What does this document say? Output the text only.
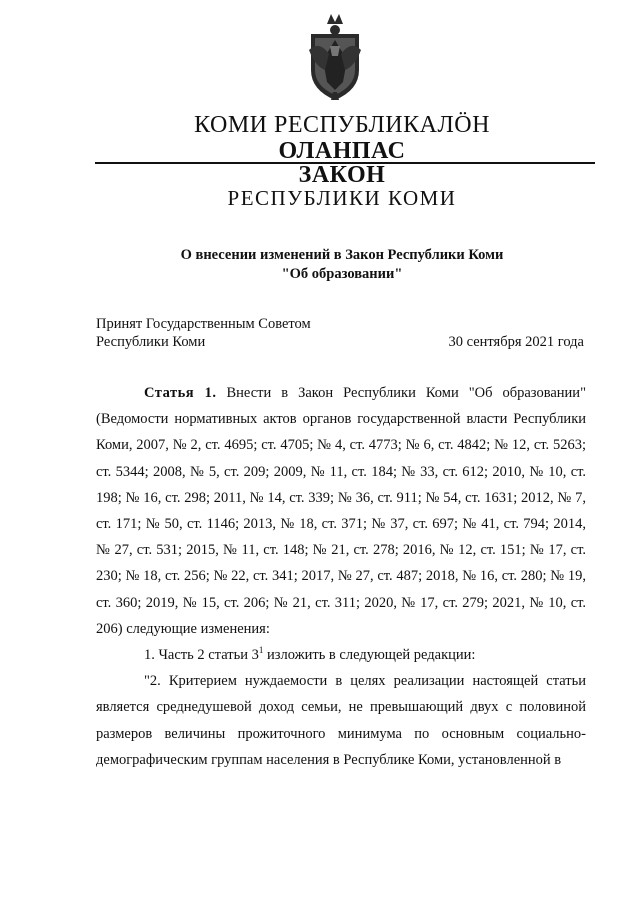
КОМИ РЕСПУБЛИКАЛӦН
ОЛАНПАС
ЗАКОН
РЕСПУБЛИКИ КОМИ
О внесении изменений в Закон Республики Коми
"Об образовании"
Принят Государственным Советом
Республики Коми	30 сентября 2021 года

Статья 1. Внести в Закон Республики Коми "Об образовании" (Ведомости нормативных актов органов государственной власти Республики Коми, 2007, № 2, ст. 4695; ст. 4705; № 4, ст. 4773; № 6, ст. 4842; № 12, ст. 5263; ст. 5344; 2008, № 5, ст. 209; 2009, № 11, ст. 184; № 33, ст. 612; 2010, № 10, ст. 198; № 16, ст. 298; 2011, № 14, ст. 339; № 36, ст. 911; № 54, ст. 1631; 2012, № 7, ст. 171; № 50, ст. 1146; 2013, № 18, ст. 371; № 37, ст. 697; № 41, ст. 794; 2014, № 27, ст. 531; 2015, № 11, ст. 148; № 21, ст. 278; 2016, № 12, ст. 151; № 17, ст. 230; № 18, ст. 256; № 22, ст. 341; 2017, № 27, ст. 487; 2018, № 16, ст. 280; № 19, ст. 360; 2019, № 15, ст. 206; № 21, ст. 311; 2020, № 17, ст. 279; 2021, № 10, ст. 206) следующие изменения:

1. Часть 2 статьи $3^1$ изложить в следующей редакции:

"2. Критерием нуждаемости в целях реализации настоящей статьи является среднедушевой доход семьи, не превышающий двух с половиной размеров величины прожиточного минимума по основным социально-демографическим группам населения в Республике Коми, установленной в
